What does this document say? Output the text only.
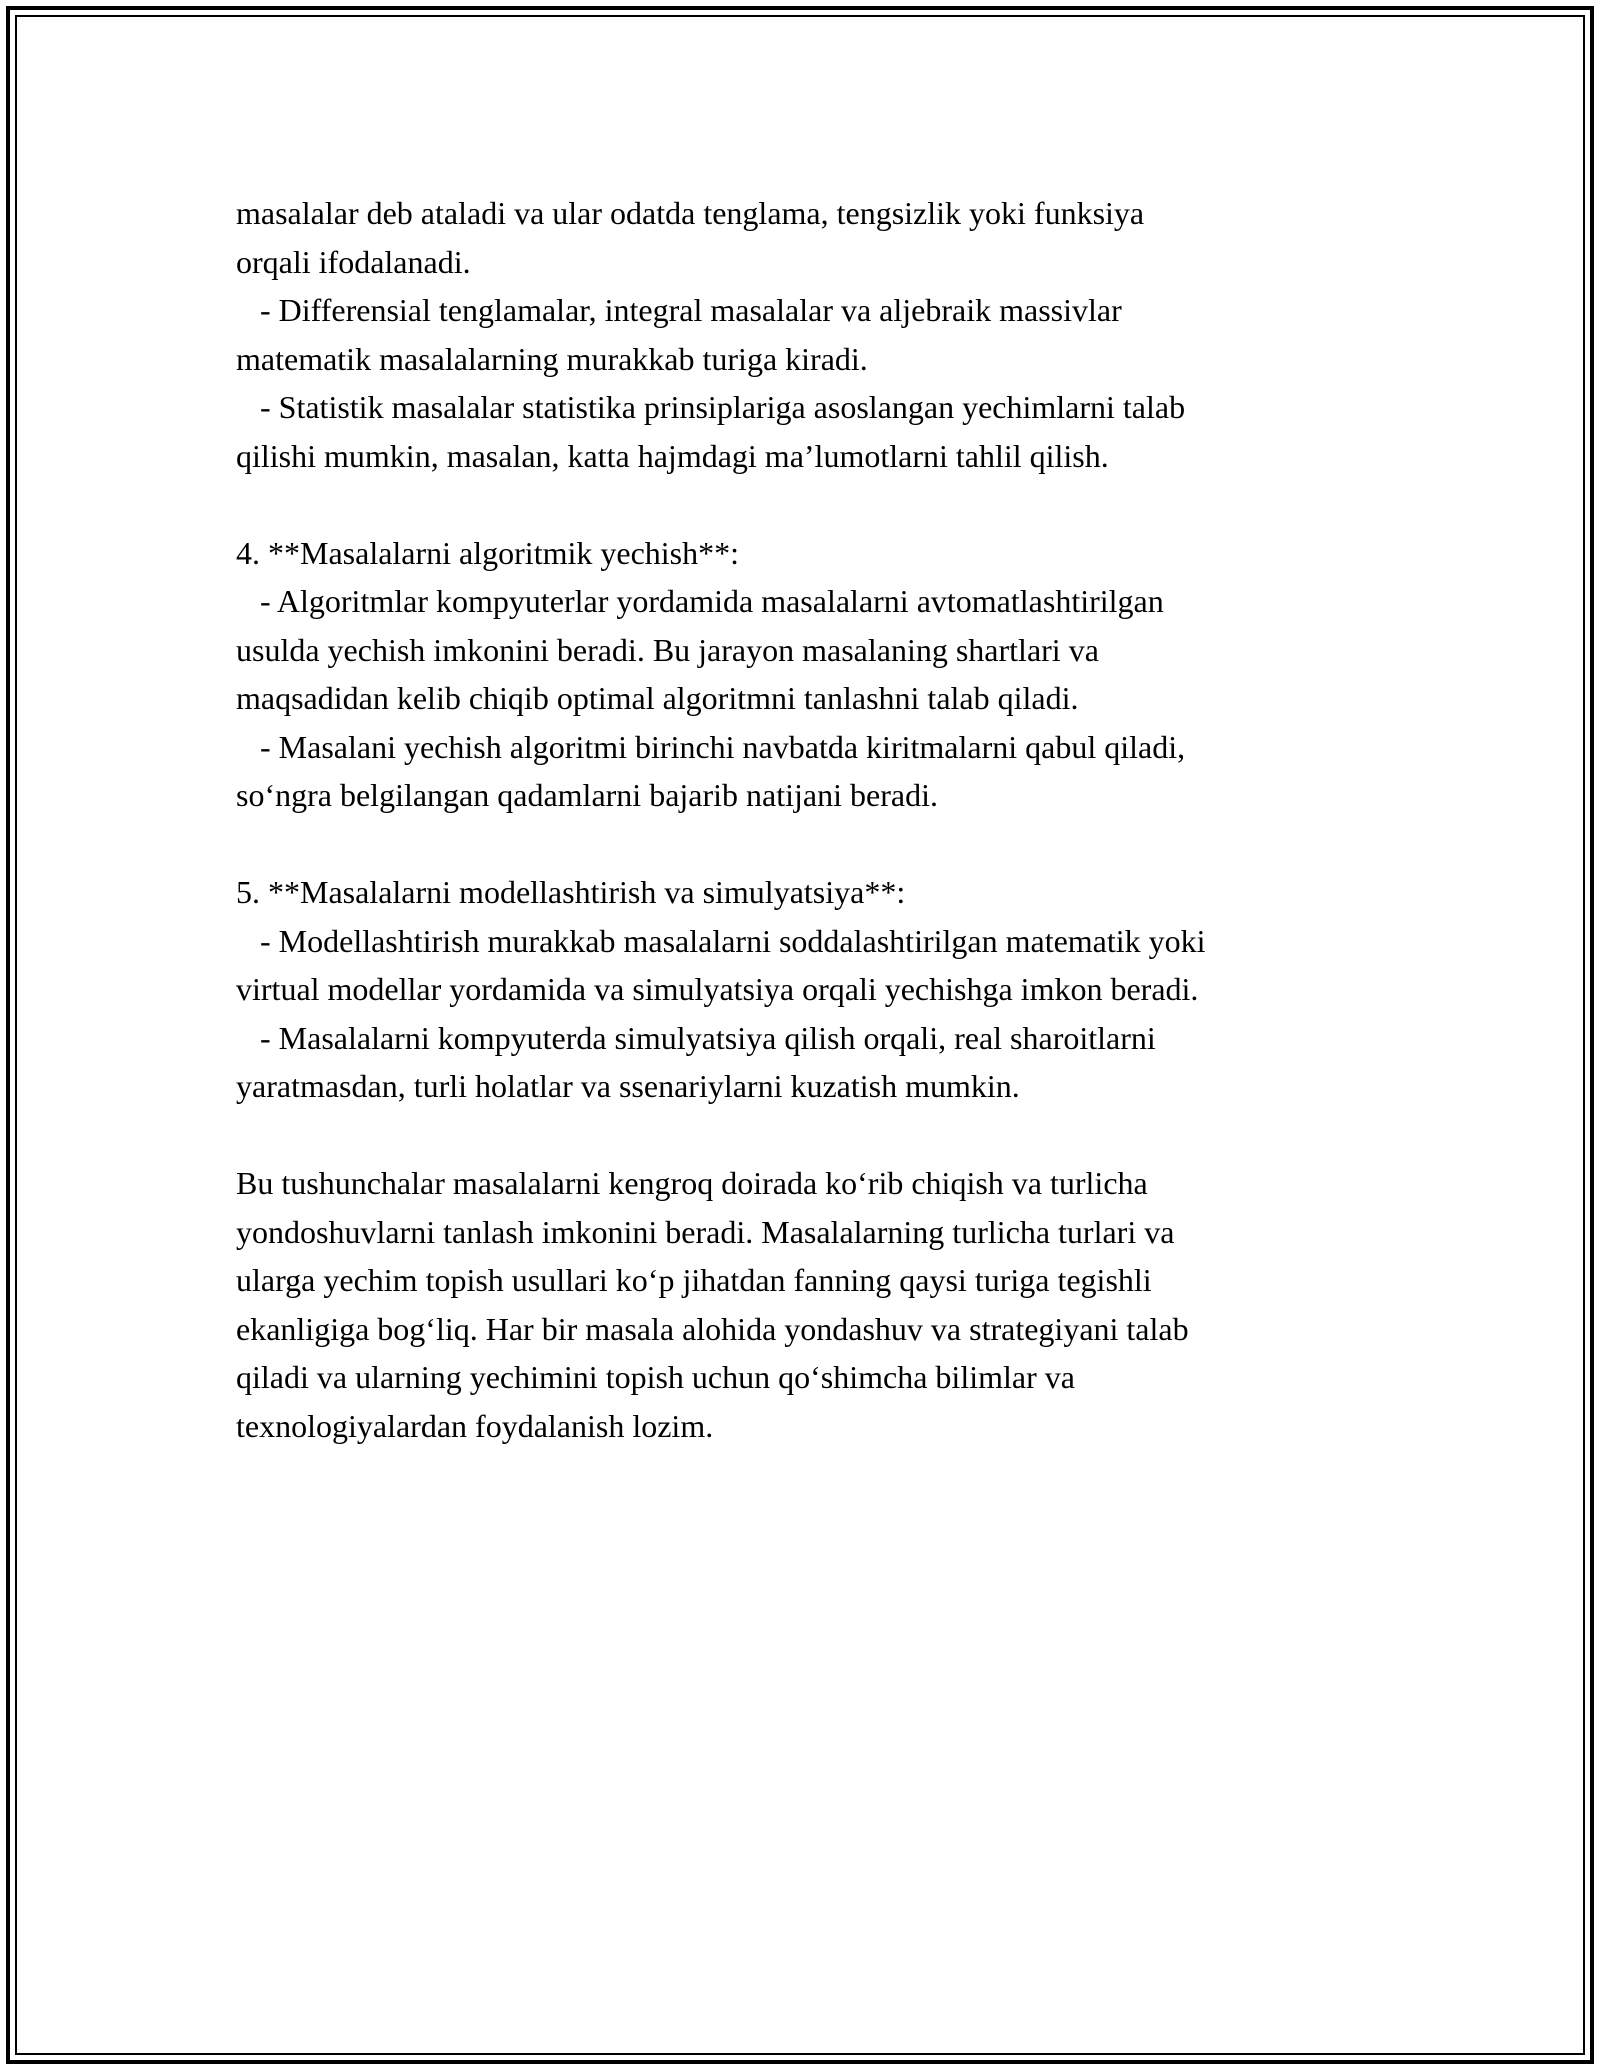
masalalar deb ataladi va ular odatda tenglama, tengsizlik yoki funksiya
orqali ifodalanadi.
- Differensial tenglamalar, integral masalalar va aljebraik massivlar
matematik masalalarning murakkab turiga kiradi.
- Statistik masalalar statistika prinsiplariga asoslangan yechimlarni talab
qilishi mumkin, masalan, katta hajmdagi ma’lumotlarni tahlil qilish.
4. **Masalalarni algoritmik yechish**:
- Algoritmlar kompyuterlar yordamida masalalarni avtomatlashtirilgan
usulda yechish imkonini beradi. Bu jarayon masalaning shartlari va
maqsadidan kelib chiqib optimal algoritmni tanlashni talab qiladi.
- Masalani yechish algoritmi birinchi navbatda kiritmalarni qabul qiladi,
so‘ngra belgilangan qadamlarni bajarib natijani beradi.
5. **Masalalarni modellashtirish va simulyatsiya**:
- Modellashtirish murakkab masalalarni soddalashtirilgan matematik yoki
virtual modellar yordamida va simulyatsiya orqali yechishga imkon beradi.
- Masalalarni kompyuterda simulyatsiya qilish orqali, real sharoitlarni
yaratmasdan, turli holatlar va ssenariylarni kuzatish mumkin.
Bu tushunchalar masalalarni kengroq doirada ko‘rib chiqish va turlicha
yondoshuvlarni tanlash imkonini beradi. Masalalarning turlicha turlari va
ularga yechim topish usullari ko‘p jihatdan fanning qaysi turiga tegishli
ekanligiga bog‘liq. Har bir masala alohida yondashuv va strategiyani talab
qiladi va ularning yechimini topish uchun qo‘shimcha bilimlar va
texnologiyalardan foydalanish lozim.
